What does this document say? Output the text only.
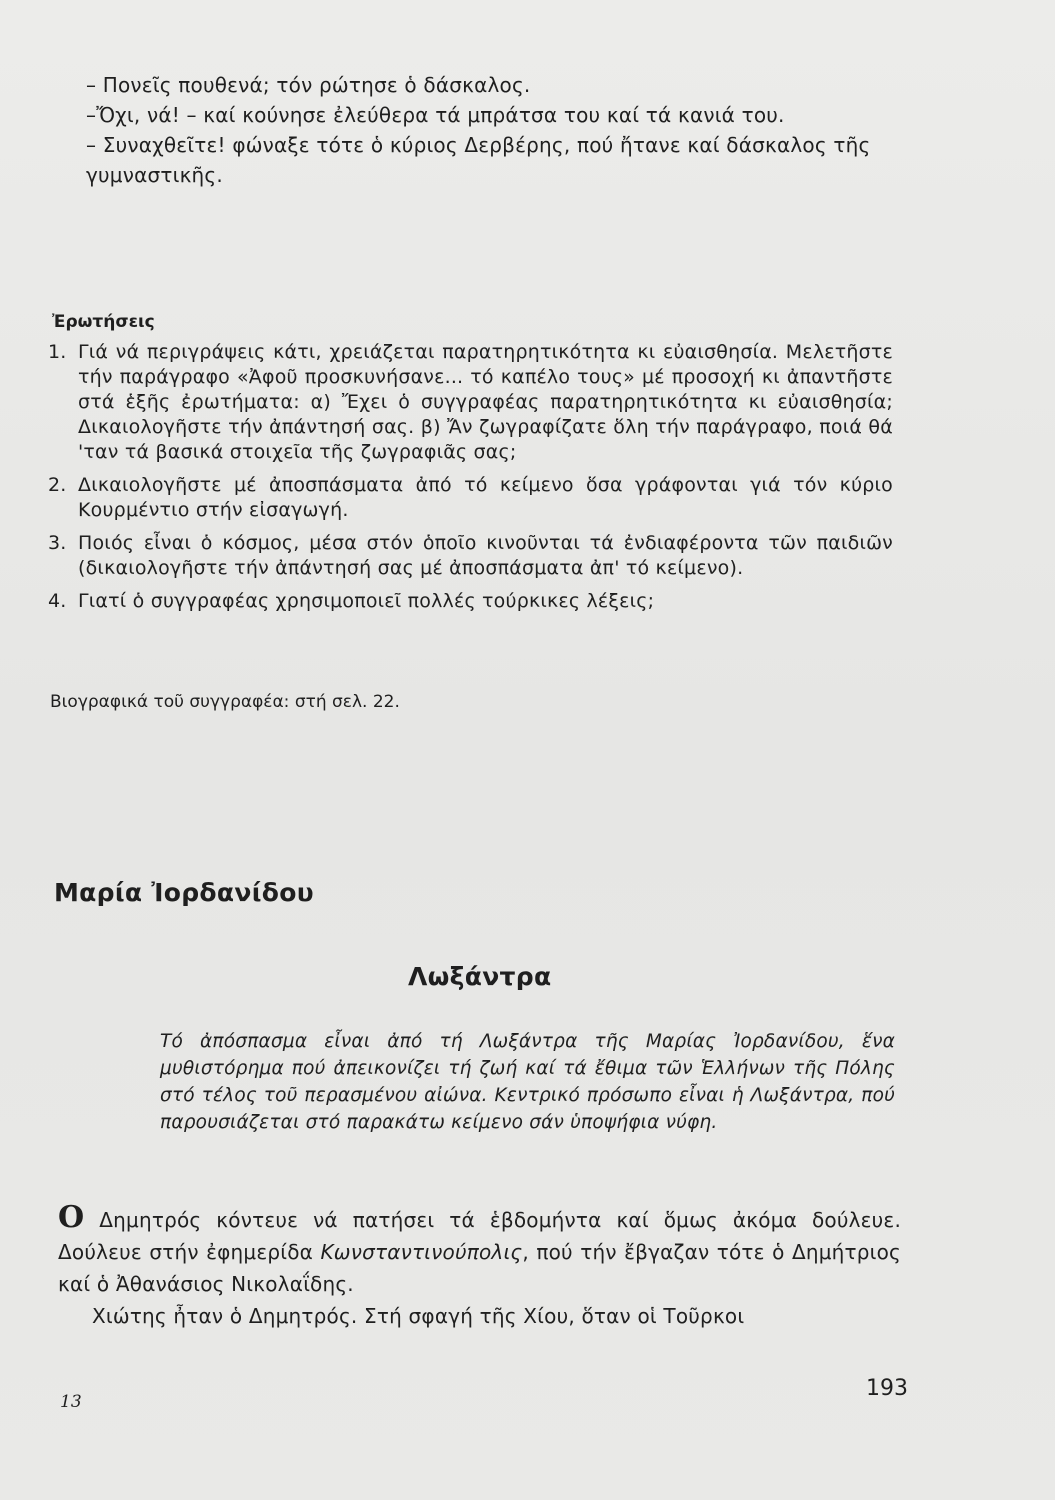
– Πονεῖς πουθενά; τόν ρώτησε ὁ δάσκαλος.

–Ὄχι, νά! – καί κούνησε ἐλεύθερα τά μπράτσα του καί τά κανιά του.

– Συναχθεῖτε! φώναξε τότε ὁ κύριος Δερβέρης, πού ἤτανε καί δάσκαλος τῆς γυμναστικῆς.

Ἐρωτήσεις
1. Γιά νά περιγράψεις κάτι, χρειάζεται παρατηρητικότητα κι εὐαισθησία. Μελετῆστε τήν παράγραφο «Ἀφοῦ προσκυνήσανε... τό καπέλο τους» μέ προσοχή κι ἀπαντῆστε στά ἑξῆς ἐρωτήματα: α) Ἔχει ὁ συγγραφέας παρατηρητικότητα κι εὐαισθησία; Δικαιολογῆστε τήν ἀπάντησή σας. β) Ἄν ζωγραφίζατε ὅλη τήν παράγραφο, ποιά θά 'ταν τά βασικά στοιχεῖα τῆς ζωγραφιᾶς σας;
2. Δικαιολογῆστε μέ ἀποσπάσματα ἀπό τό κείμενο ὅσα γράφονται γιά τόν κύριο Κουρμέντιο στήν εἰσαγωγή.
3. Ποιός εἶναι ὁ κόσμος, μέσα στόν ὁποῖο κινοῦνται τά ἐνδιαφέροντα τῶν παιδιῶν (δικαιολογῆστε τήν ἀπάντησή σας μέ ἀποσπάσματα ἀπ' τό κείμενο).
4. Γιατί ὁ συγγραφέας χρησιμοποιεῖ πολλές τούρκικες λέξεις;
Βιογραφικά τοῦ συγγραφέα: στή σελ. 22.
Μαρία Ἰορδανίδου
Λωξάντρα
Τό ἀπόσπασμα εἶναι ἀπό τή Λωξάντρα τῆς Μαρίας Ἰορδανίδου, ἕνα μυθιστόρημα πού ἀπεικονίζει τή ζωή καί τά ἔθιμα τῶν Ἑλλήνων τῆς Πόλης στό τέλος τοῦ περασμένου αἰώνα. Κεντρικό πρόσωπο εἶναι ἡ Λωξάντρα, πού παρουσιάζεται στό παρακάτω κείμενο σάν ὑποψήφια νύφη.

Ο Δημητρός κόντευε νά πατήσει τά ἑβδομήντα καί ὅμως ἀκόμα δούλευε. Δούλευε στήν ἐφημερίδα Κωνσταντινούπολις, πού τήν ἔβγαζαν τότε ὁ Δημήτριος καί ὁ Ἀθανάσιος Νικολαΐδης.

Χιώτης ἦταν ὁ Δημητρός. Στή σφαγή τῆς Χίου, ὅταν οἱ Τοῦρκοι

13
193
